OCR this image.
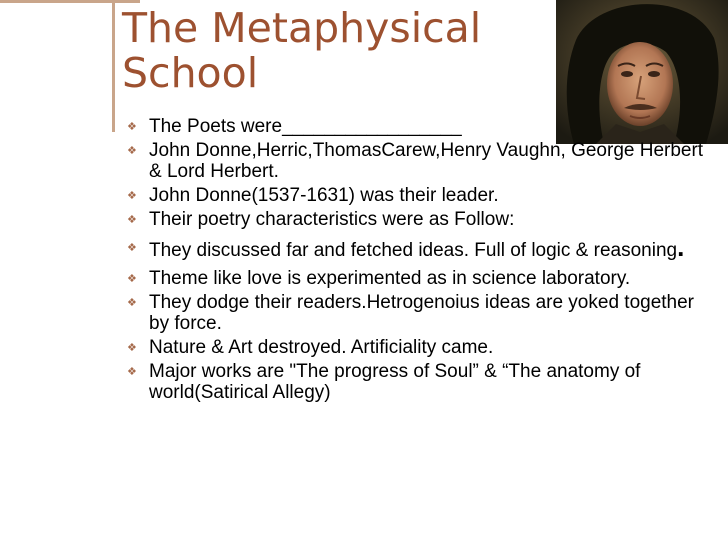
The Metaphysical
School
❖ The Poets were_________________
❖ John Donne,Herric,ThomasCarew,Henry Vaughn, George Herbert & Lord Herbert.
❖ John Donne(1537-1631) was their leader.
❖ Their poetry characteristics were as Follow:
❖ They discussed far and fetched ideas. Full of logic & reasoning.
❖ Theme like love is experimented as in science laboratory.
❖ They dodge their readers.Hetrogenoius ideas are yoked together by force.
❖ Nature & Art destroyed. Artificiality came.
❖ Major works are "The progress of Soul” & “The anatomy of world(Satirical Allegy)
